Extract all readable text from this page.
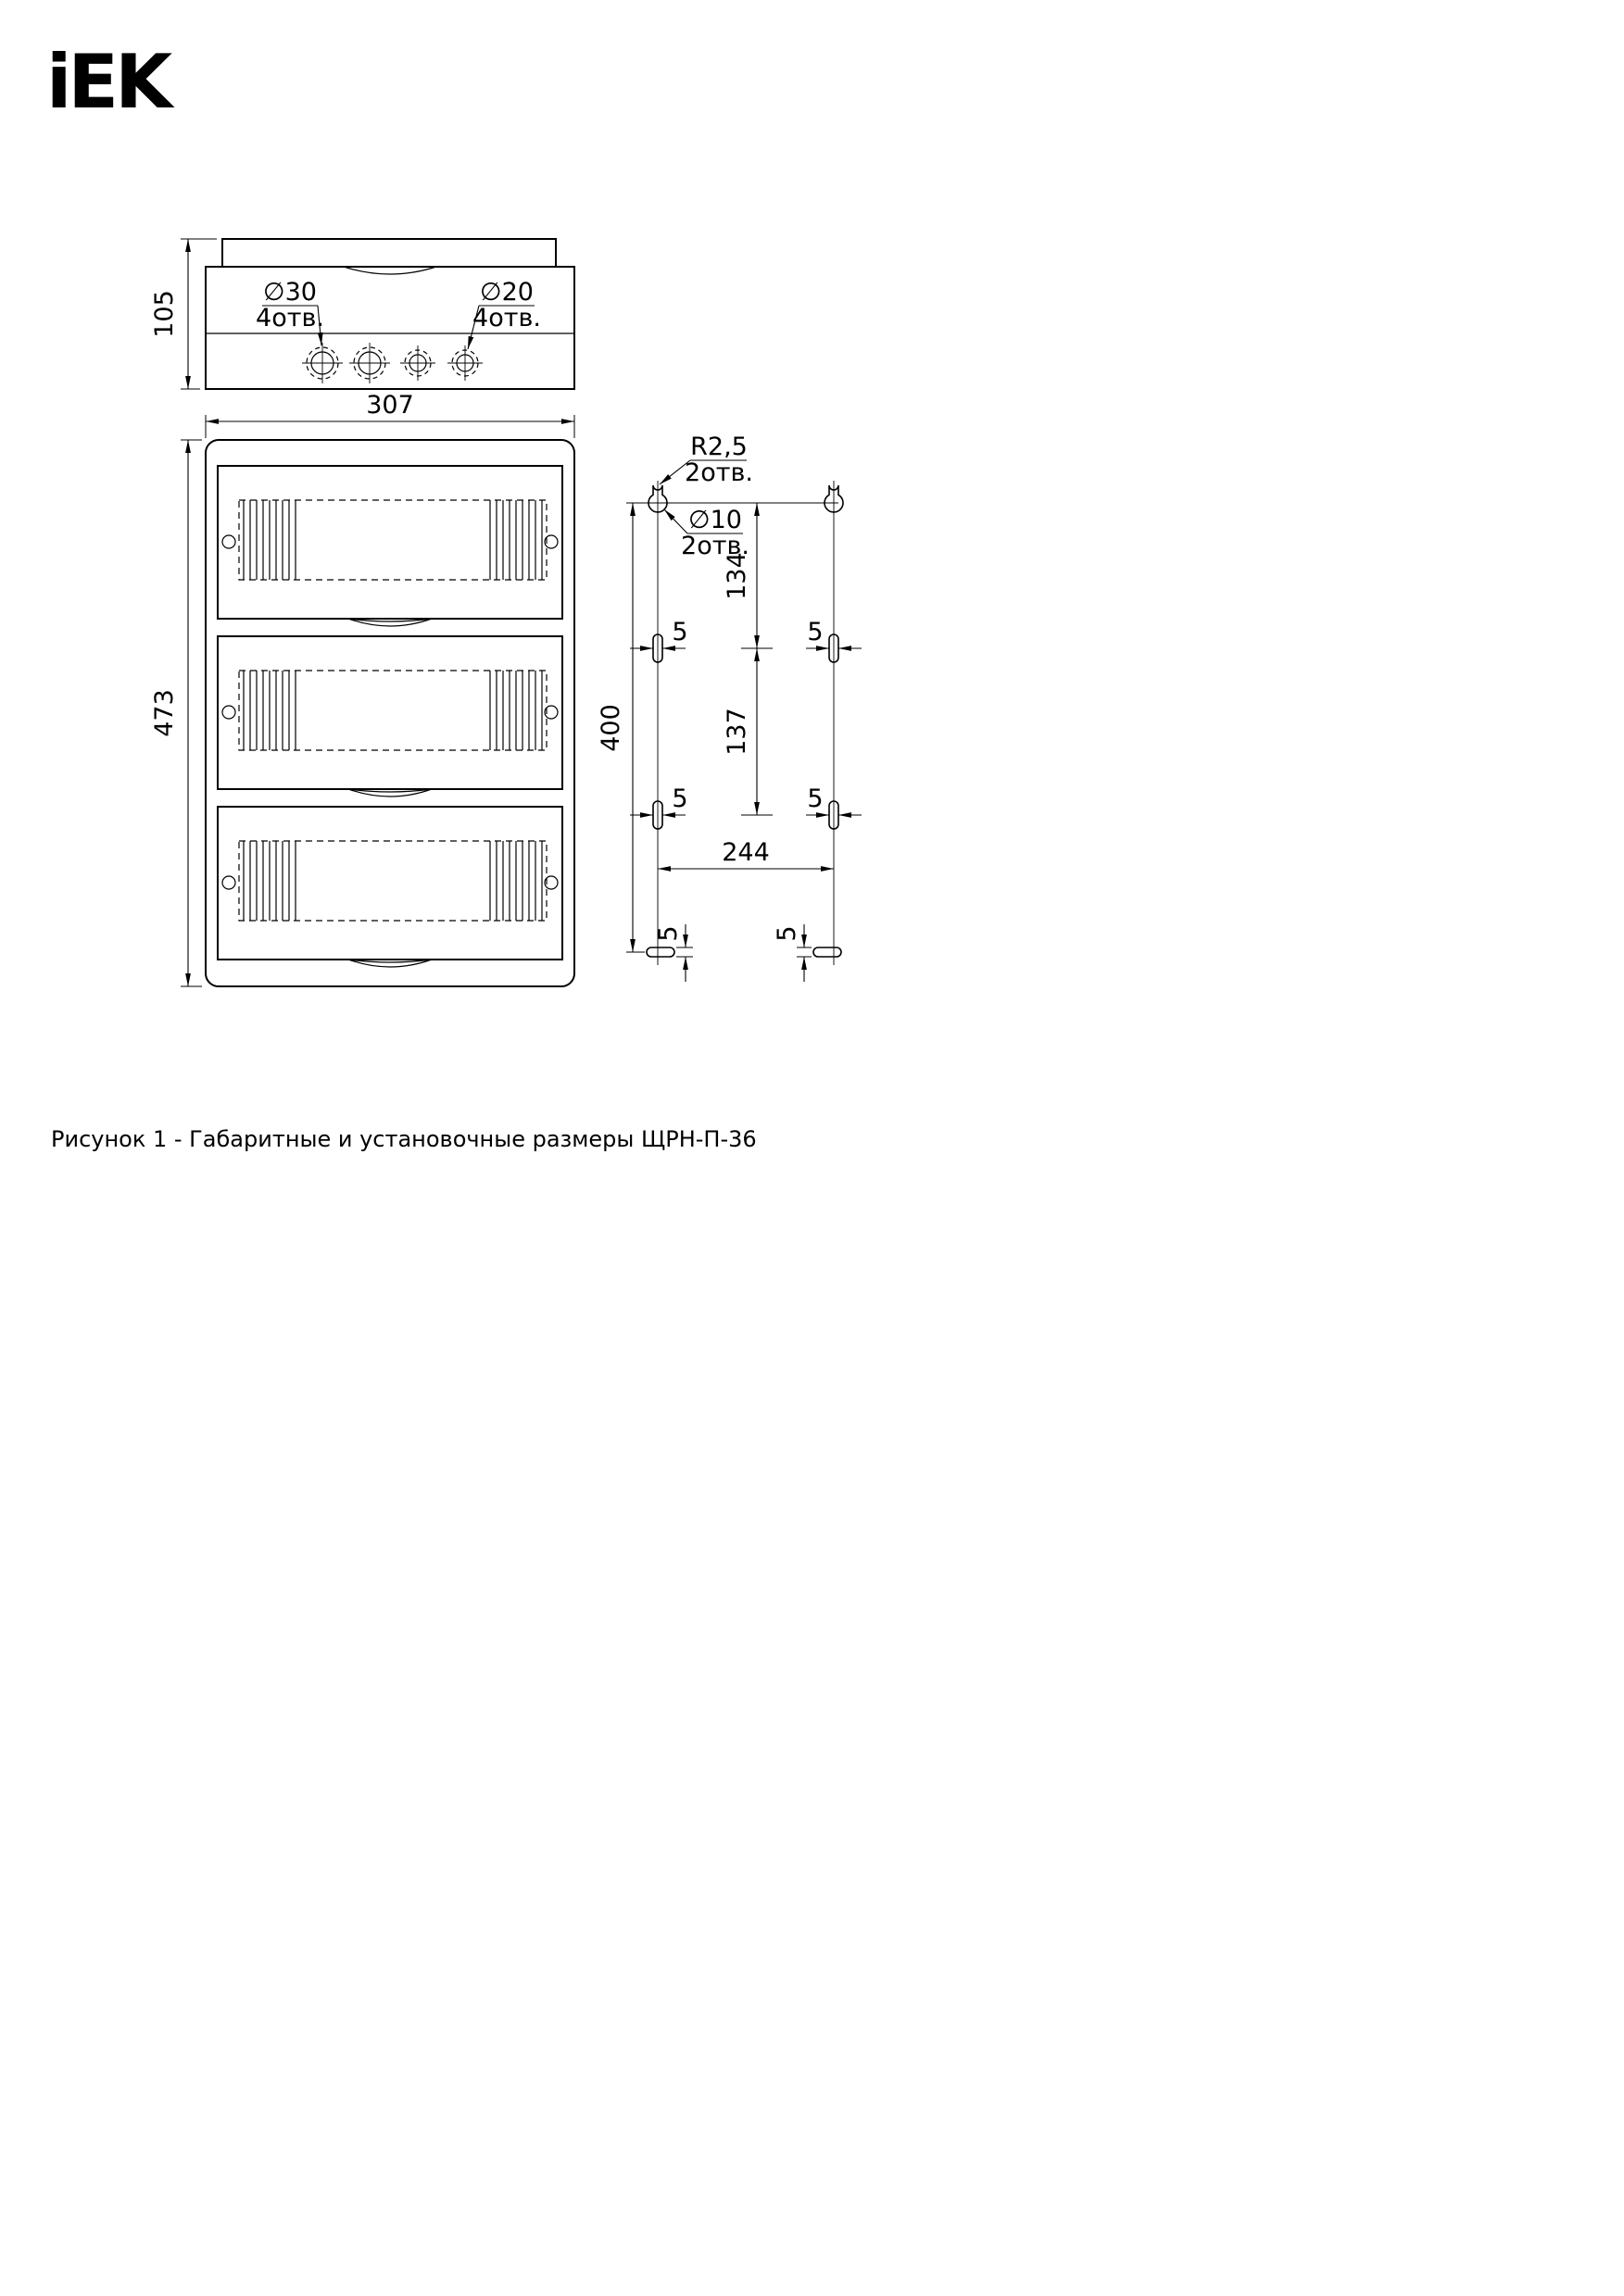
iEK
105	∅30
4отв.
∅20
4отв.
307
473	400
134
137
5	5
5	5
244
5	5
R2,5
2отв.
∅10
2отв.
Рисунок 1 - Габаритные и установочные размеры ЩРН-П-36
